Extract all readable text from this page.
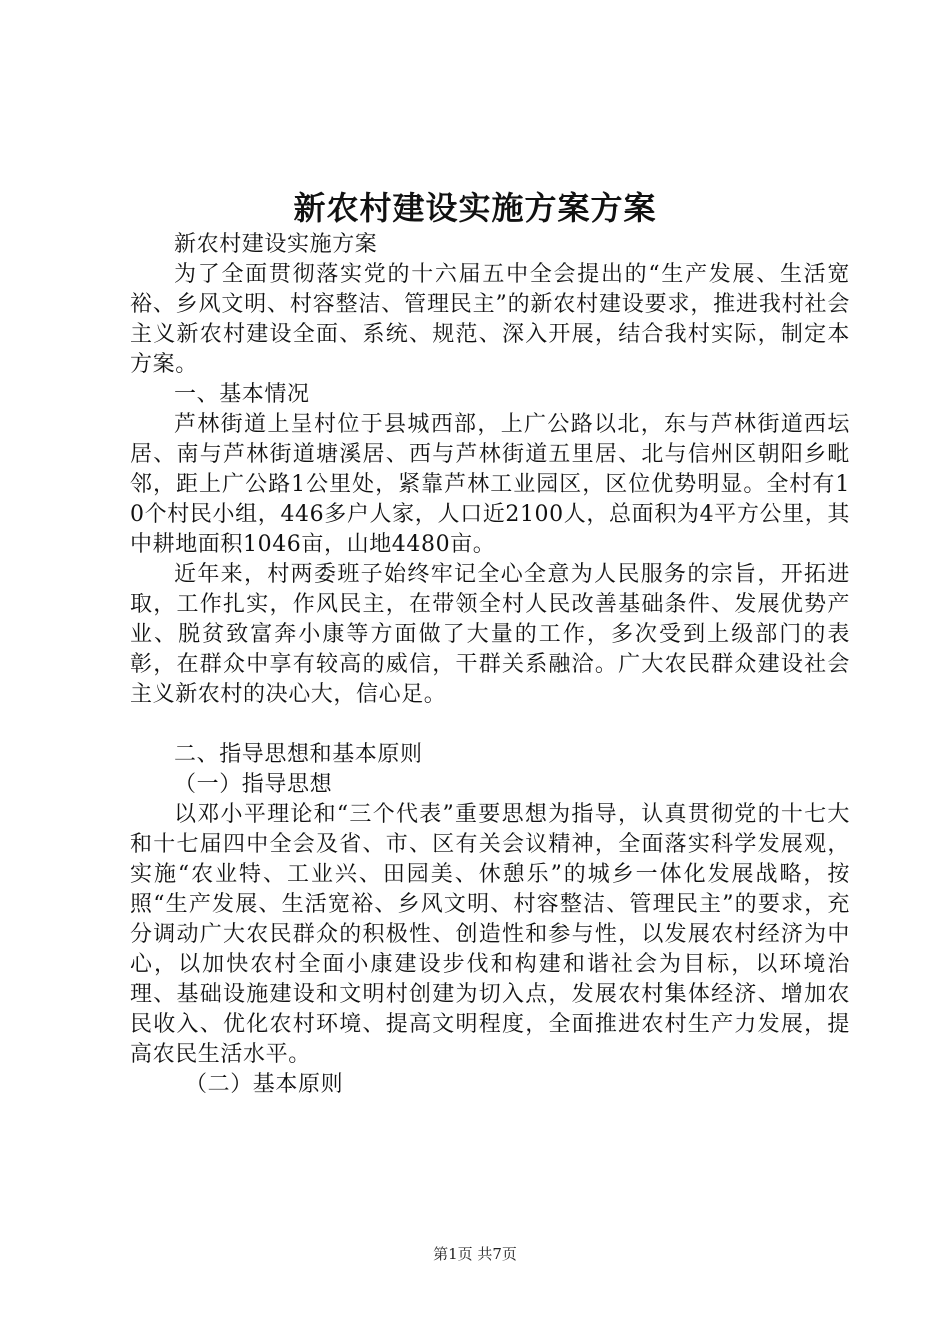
新农村建设实施方案方案

新农村建设实施方案

为了全面贯彻落实党的十六届五中全会提出的“生产发展、生活宽裕、乡风文明、村容整洁、管理民主”的新农村建设要求，推进我村社会主义新农村建设全面、系统、规范、深入开展，结合我村实际，制定本方案。

一、基本情况

芦林街道上呈村位于县城西部，上广公路以北，东与芦林街道西坛居、南与芦林街道塘溪居、西与芦林街道五里居、北与信州区朝阳乡毗邻，距上广公路1公里处，紧靠芦林工业园区，区位优势明显。全村有10个村民小组，446多户人家，人口近2100人，总面积为4平方公里，其中耕地面积1046亩，山地4480亩。

近年来，村两委班子始终牢记全心全意为人民服务的宗旨，开拓进取，工作扎实，作风民主，在带领全村人民改善基础条件、发展优势产业、脱贫致富奔小康等方面做了大量的工作，多次受到上级部门的表彰，在群众中享有较高的威信，干群关系融洽。广大农民群众建设社会主义新农村的决心大，信心足。

二、指导思想和基本原则

（一）指导思想

以邓小平理论和“三个代表”重要思想为指导，认真贯彻党的十七大和十七届四中全会及省、市、区有关会议精神，全面落实科学发展观，实施“农业特、工业兴、田园美、休憩乐”的城乡一体化发展战略，按照“生产发展、生活宽裕、乡风文明、村容整洁、管理民主”的要求，充分调动广大农民群众的积极性、创造性和参与性，以发展农村经济为中心，以加快农村全面小康建设步伐和构建和谐社会为目标，以环境治理、基础设施建设和文明村创建为切入点，发展农村集体经济、增加农民收入、优化农村环境、提高文明程度，全面推进农村生产力发展，提高农民生活水平。

（二）基本原则

第1页 共7页
